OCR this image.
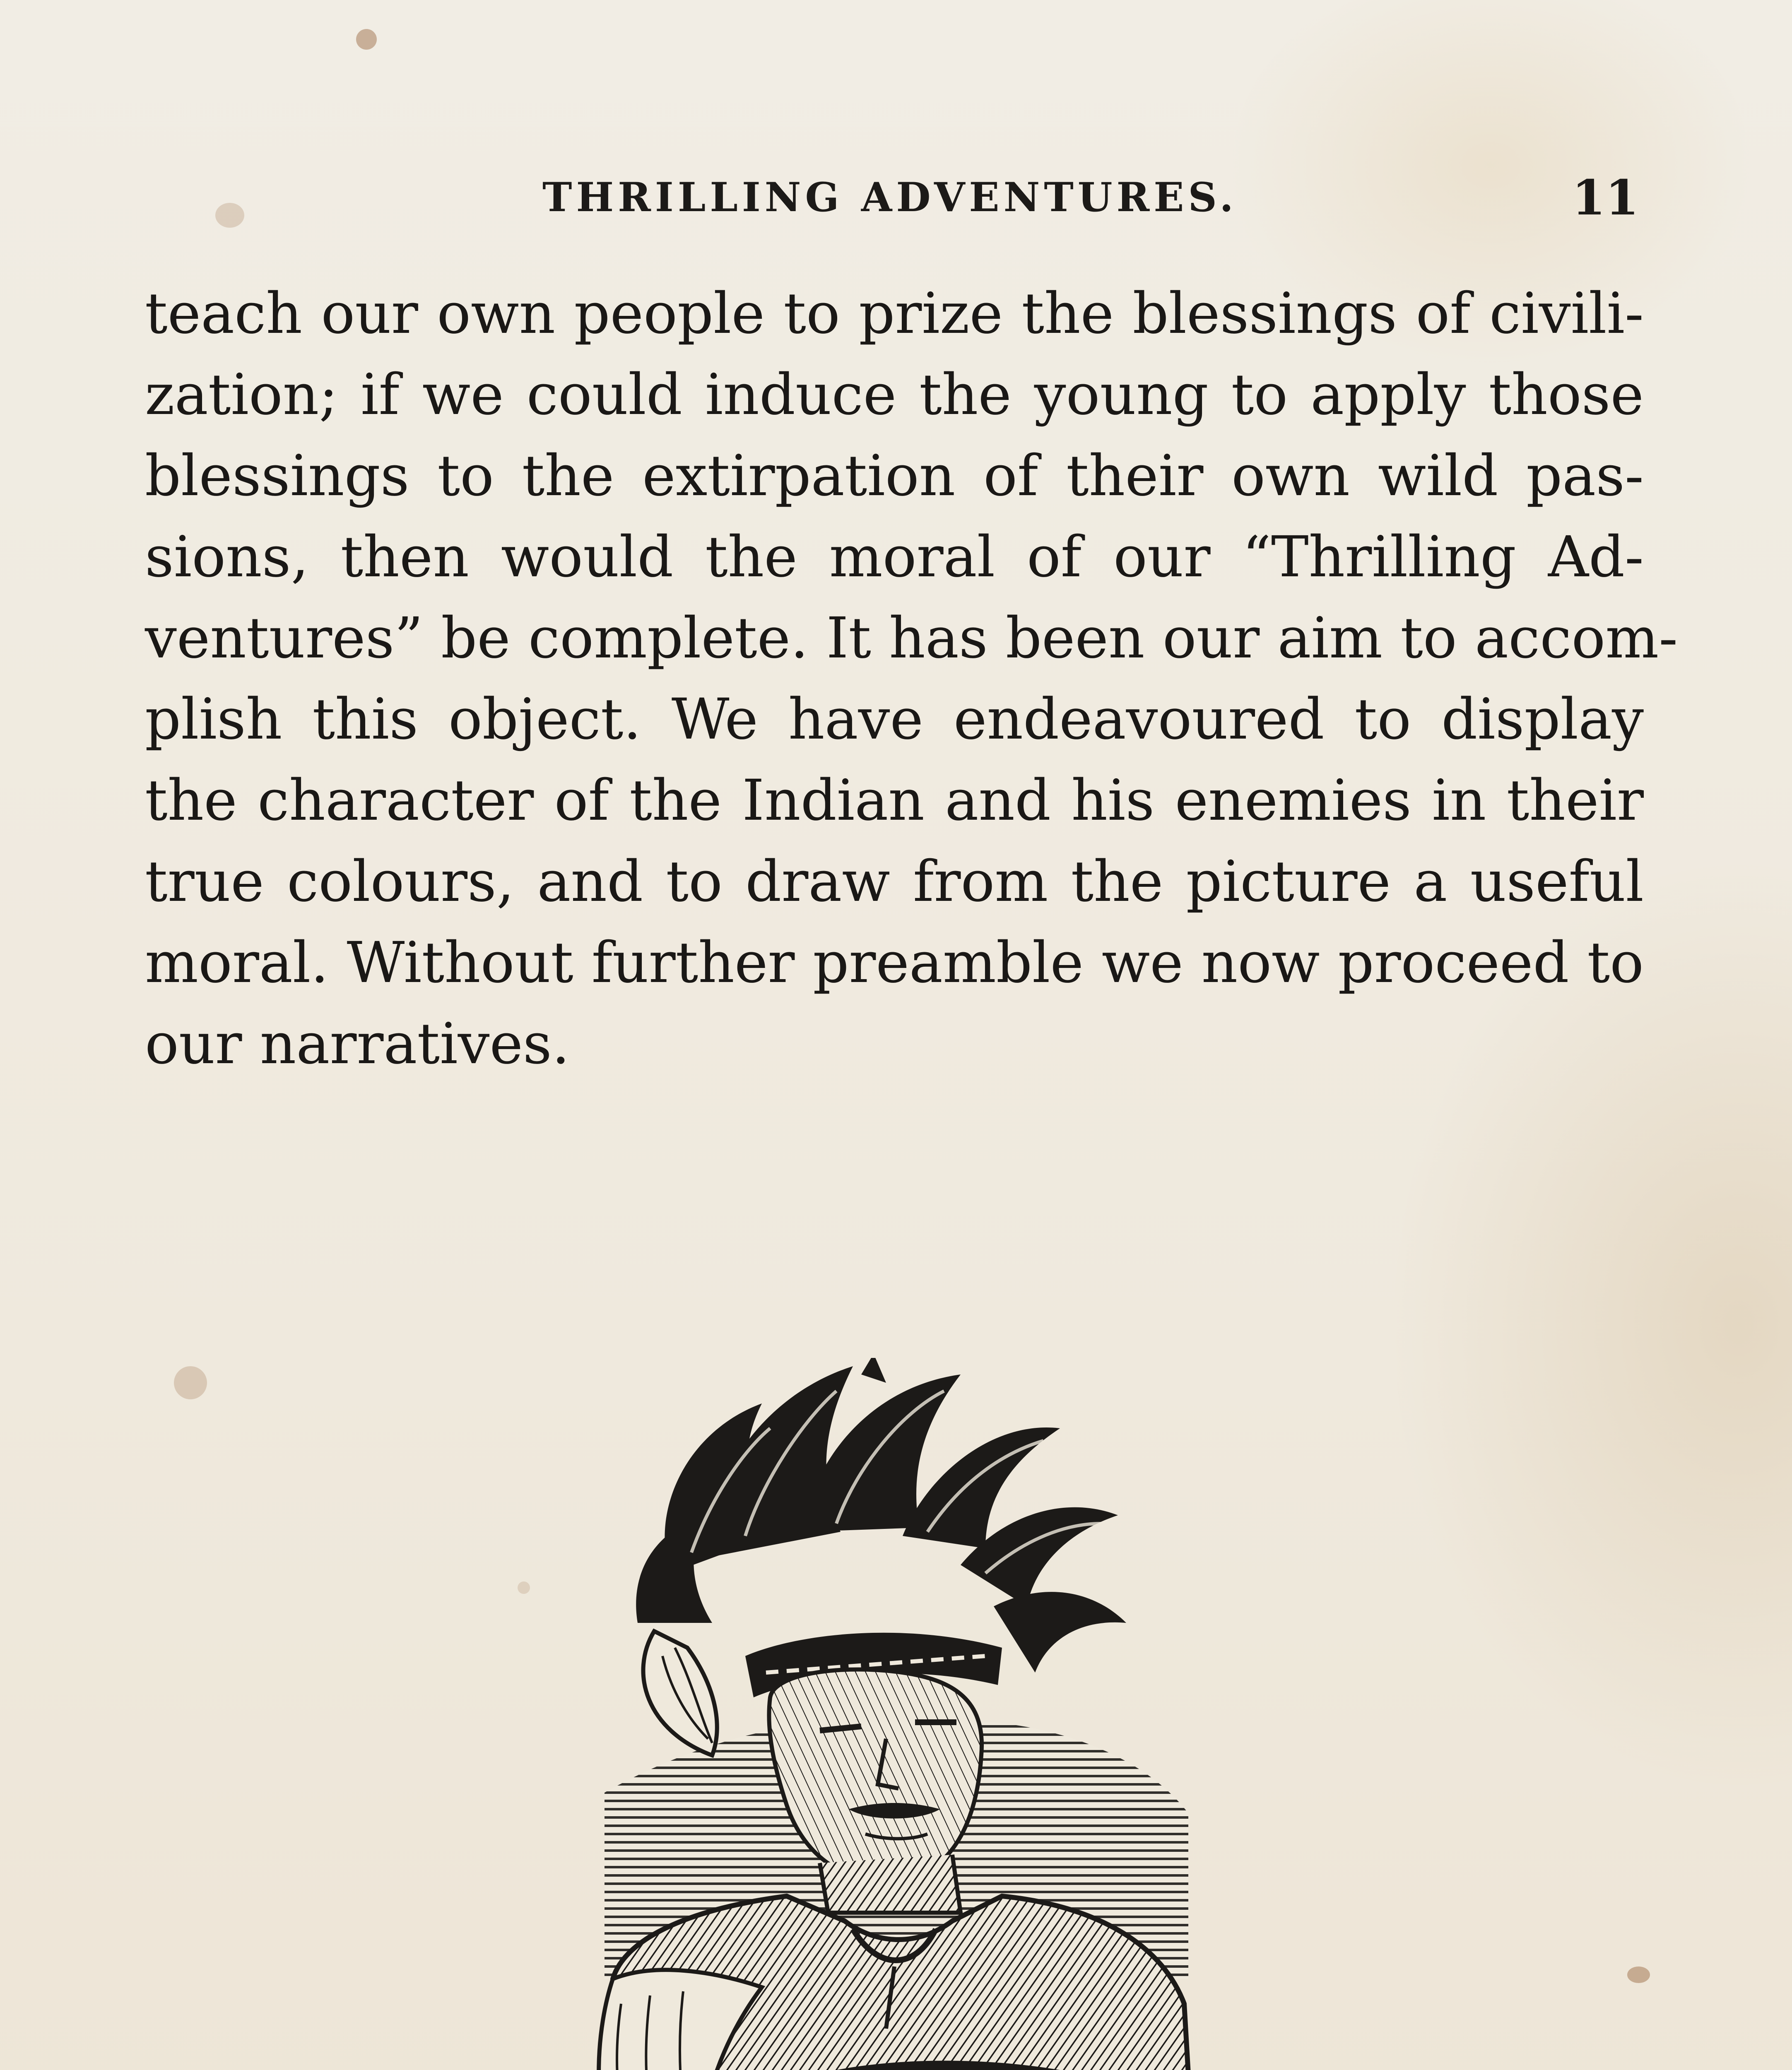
THRILLING ADVENTURES.	11
teach our own people to prize the blessings of civili-
zation; if we could induce the young to apply those
blessings to the extirpation of their own wild pas-
sions, then would the moral of our “Thrilling Ad-
ventures” be complete. It has been our aim to accom-
plish this object. We have endeavoured to display
the character of the Indian and his enemies in their
true colours, and to draw from the picture a useful
moral. Without further preamble we now proceed to
our narratives.
